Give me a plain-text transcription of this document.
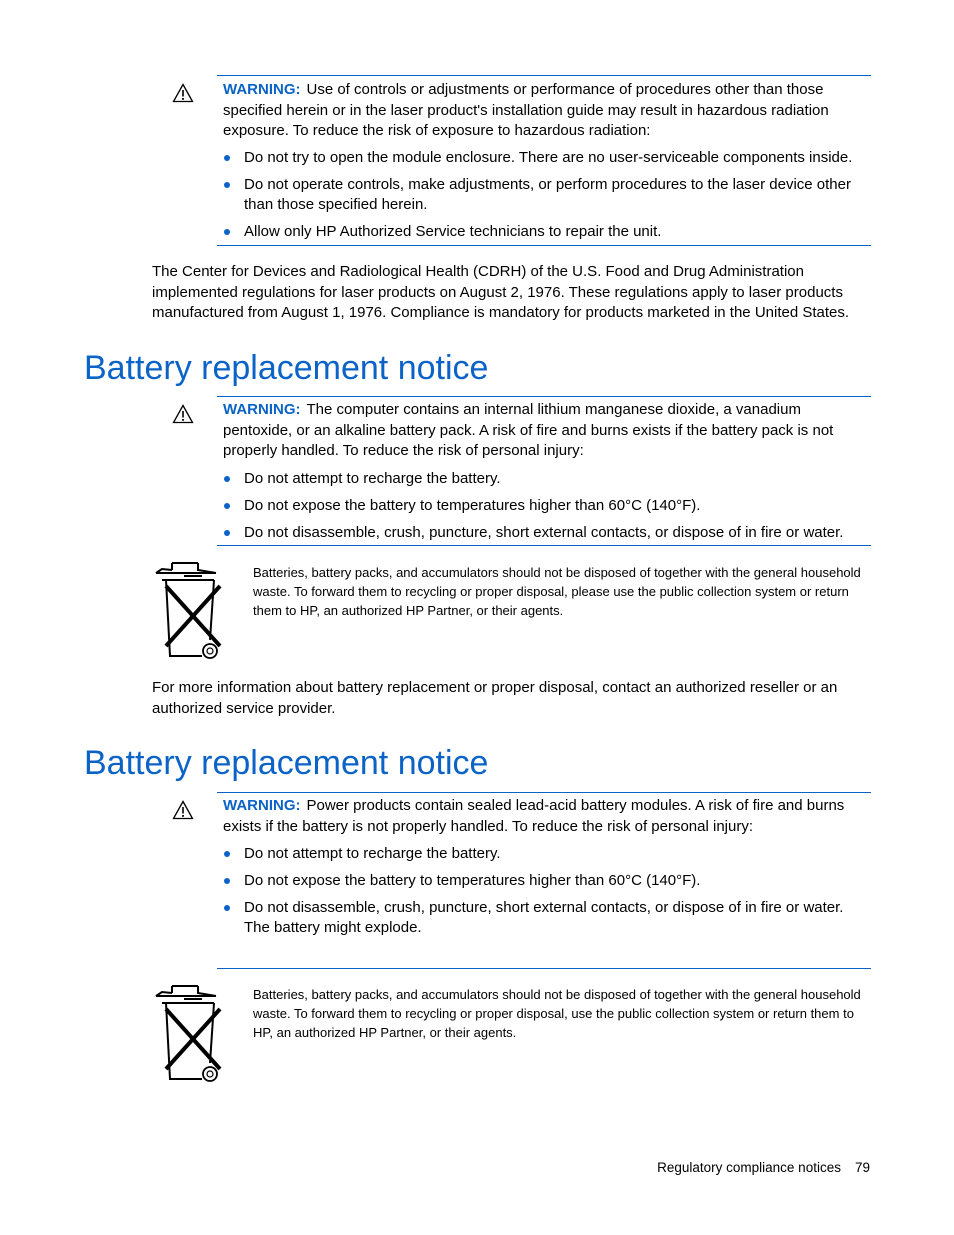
WARNING: Use of controls or adjustments or performance of procedures other than those specified herein or in the laser product's installation guide may result in hazardous radiation exposure. To reduce the risk of exposure to hazardous radiation:
Do not try to open the module enclosure. There are no user-serviceable components inside.
Do not operate controls, make adjustments, or perform procedures to the laser device other than those specified herein.
Allow only HP Authorized Service technicians to repair the unit.
The Center for Devices and Radiological Health (CDRH) of the U.S. Food and Drug Administration implemented regulations for laser products on August 2, 1976. These regulations apply to laser products manufactured from August 1, 1976. Compliance is mandatory for products marketed in the United States.
Battery replacement notice
WARNING: The computer contains an internal lithium manganese dioxide, a vanadium pentoxide, or an alkaline battery pack. A risk of fire and burns exists if the battery pack is not properly handled. To reduce the risk of personal injury:
Do not attempt to recharge the battery.
Do not expose the battery to temperatures higher than 60°C (140°F).
Do not disassemble, crush, puncture, short external contacts, or dispose of in fire or water.
Batteries, battery packs, and accumulators should not be disposed of together with the general household waste. To forward them to recycling or proper disposal, please use the public collection system or return them to HP, an authorized HP Partner, or their agents.
For more information about battery replacement or proper disposal, contact an authorized reseller or an authorized service provider.
Battery replacement notice
WARNING: Power products contain sealed lead-acid battery modules. A risk of fire and burns exists if the battery is not properly handled. To reduce the risk of personal injury:
Do not attempt to recharge the battery.
Do not expose the battery to temperatures higher than 60°C (140°F).
Do not disassemble, crush, puncture, short external contacts, or dispose of in fire or water. The battery might explode.
Batteries, battery packs, and accumulators should not be disposed of together with the general household waste. To forward them to recycling or proper disposal, use the public collection system or return them to HP, an authorized HP Partner, or their agents.
Regulatory compliance notices 79
